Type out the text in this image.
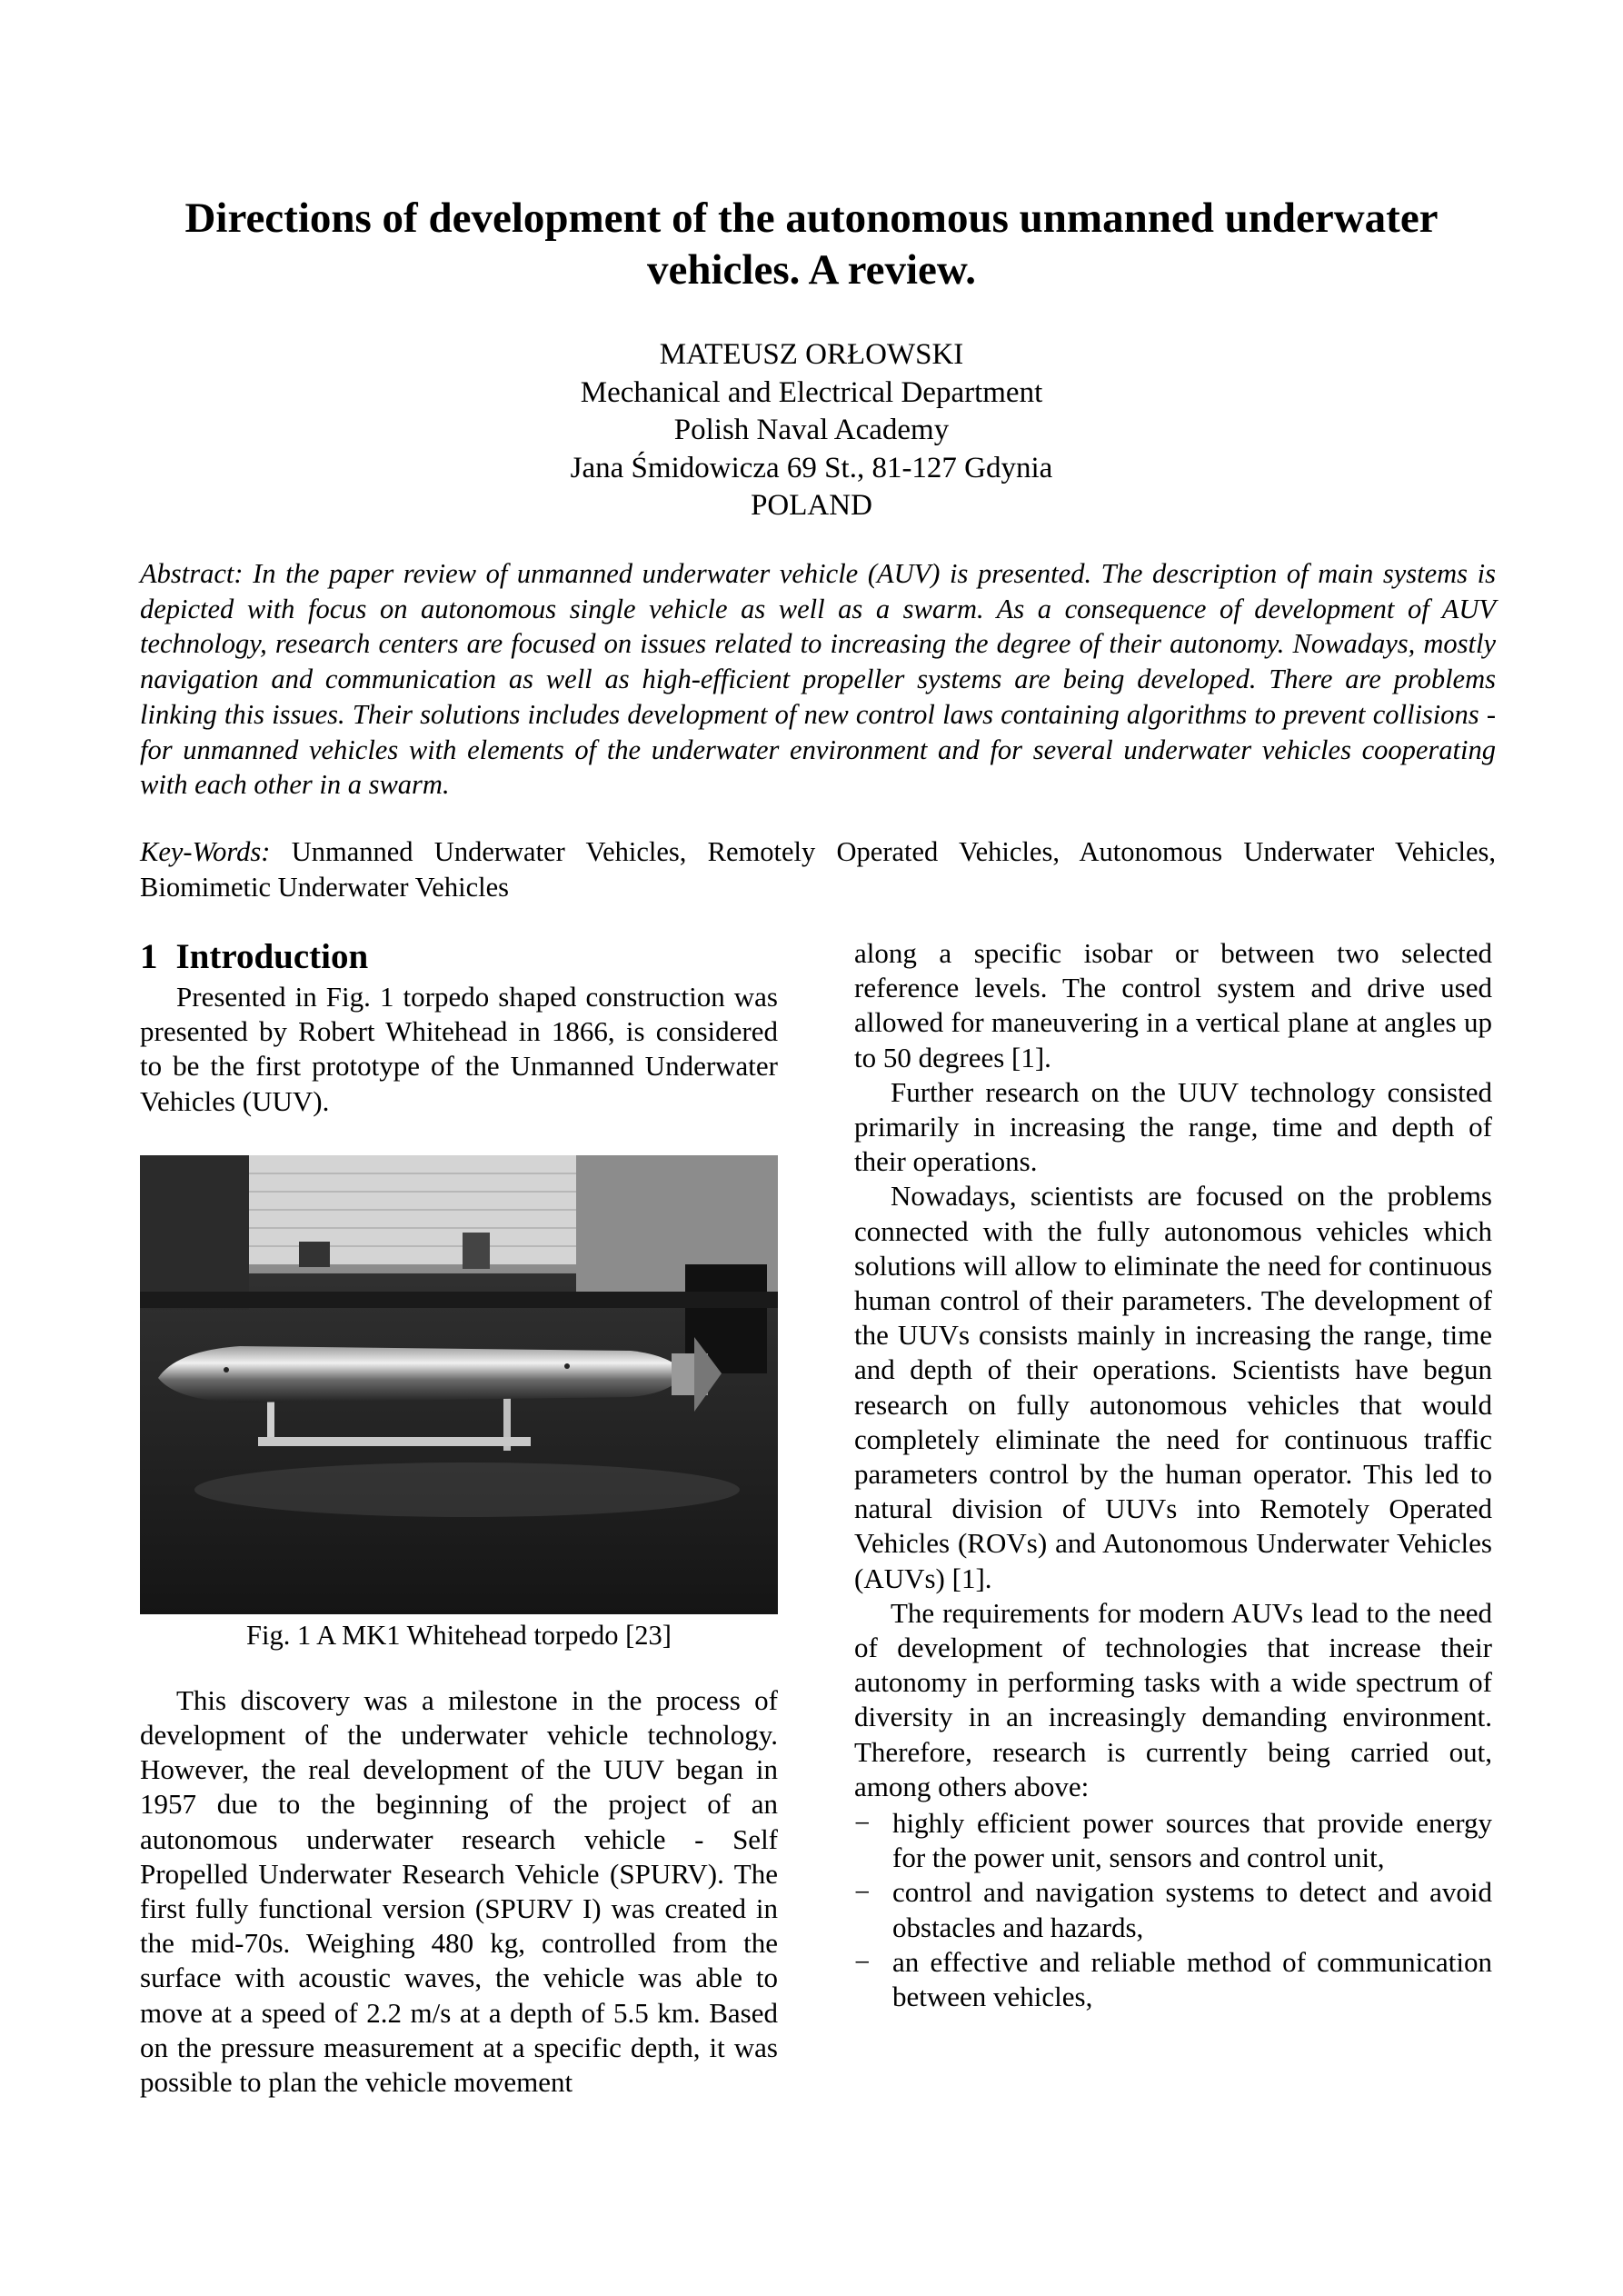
Directions of development of the autonomous unmanned underwater vehicles. A review.
MATEUSZ ORŁOWSKI
Mechanical and Electrical Department
Polish Naval Academy
Jana Śmidowicza 69 St., 81-127 Gdynia
POLAND
Abstract: In the paper review of unmanned underwater vehicle (AUV) is presented. The description of main systems is depicted with focus on autonomous single vehicle as well as a swarm. As a consequence of development of AUV technology, research centers are focused on issues related to increasing the degree of their autonomy. Nowadays, mostly navigation and communication as well as high-efficient propeller systems are being developed. There are problems linking this issues. Their solutions includes development of new control laws containing algorithms to prevent collisions - for unmanned vehicles with elements of the underwater environment and for several underwater vehicles cooperating with each other in a swarm.
Key-Words: Unmanned Underwater Vehicles, Remotely Operated Vehicles, Autonomous Underwater Vehicles, Biomimetic Underwater Vehicles
1 Introduction

Presented in Fig. 1 torpedo shaped construction was presented by Robert Whitehead in 1866, is considered to be the first prototype of the Unmanned Underwater Vehicles (UUV).

Fig. 1 A MK1 Whitehead torpedo [23]

This discovery was a milestone in the process of development of the underwater vehicle technology. However, the real development of the UUV began in 1957 due to the beginning of the project of an autonomous underwater research vehicle - Self Propelled Underwater Research Vehicle (SPURV). The first fully functional version (SPURV I) was created in the mid-70s. Weighing 480 kg, controlled from the surface with acoustic waves, the vehicle was able to move at a speed of 2.2 m/s at a depth of 5.5 km. Based on the pressure measurement at a specific depth, it was possible to plan the vehicle movement

along a specific isobar or between two selected reference levels. The control system and drive used allowed for maneuvering in a vertical plane at angles up to 50 degrees [1].

Further research on the UUV technology consisted primarily in increasing the range, time and depth of their operations.

Nowadays, scientists are focused on the problems connected with the fully autonomous vehicles which solutions will allow to eliminate the need for continuous human control of their parameters. The development of the UUVs consists mainly in increasing the range, time and depth of their operations. Scientists have begun research on fully autonomous vehicles that would completely eliminate the need for continuous traffic parameters control by the human operator. This led to natural division of UUVs into Remotely Operated Vehicles (ROVs) and Autonomous Underwater Vehicles (AUVs) [1].

The requirements for modern AUVs lead to the need of development of technologies that increase their autonomy in performing tasks with a wide spectrum of diversity in an increasingly demanding environment. Therefore, research is currently being carried out, among others above:

− highly efficient power sources that provide energy for the power unit, sensors and control unit,
− control and navigation systems to detect and avoid obstacles and hazards,
− an effective and reliable method of communication between vehicles,
